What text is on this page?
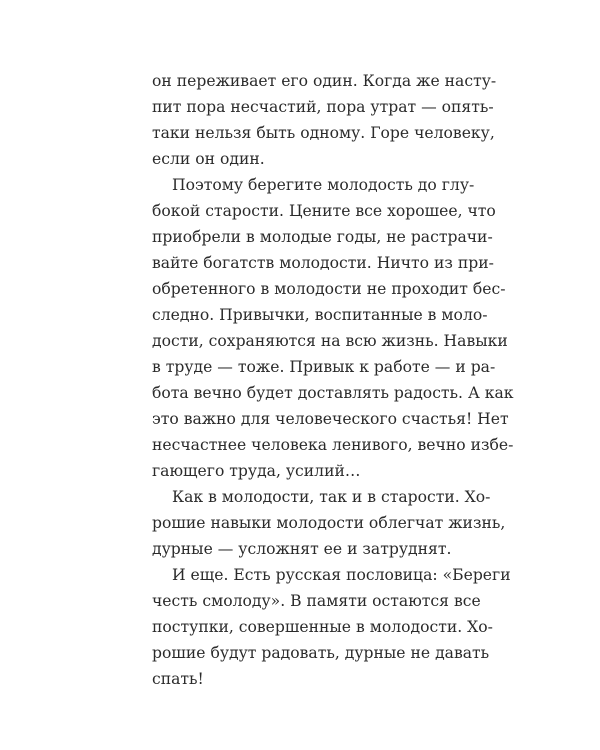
он переживает его один. Когда же насту-
пит пора несчастий, пора утрат — опять-
таки нельзя быть одному. Горе человеку,
если он один.
Поэтому берегите молодость до глу-
бокой старости. Цените все хорошее, что
приобрели в молодые годы, не растрачи-
вайте богатств молодости. Ничто из при-
обретенного в молодости не проходит бес-
следно. Привычки, воспитанные в моло-
дости, сохраняются на всю жизнь. Навыки
в труде — тоже. Привык к работе — и ра-
бота вечно будет доставлять радость. А как
это важно для человеческого счастья! Нет
несчастнее человека ленивого, вечно избе-
гающего труда, усилий…
Как в молодости, так и в старости. Хо-
рошие навыки молодости облегчат жизнь,
дурные — усложнят ее и затруднят.
И еще. Есть русская пословица: «Береги
честь смолоду». В памяти остаются все
поступки, совершенные в молодости. Хо-
рошие будут радовать, дурные не давать
спать!
